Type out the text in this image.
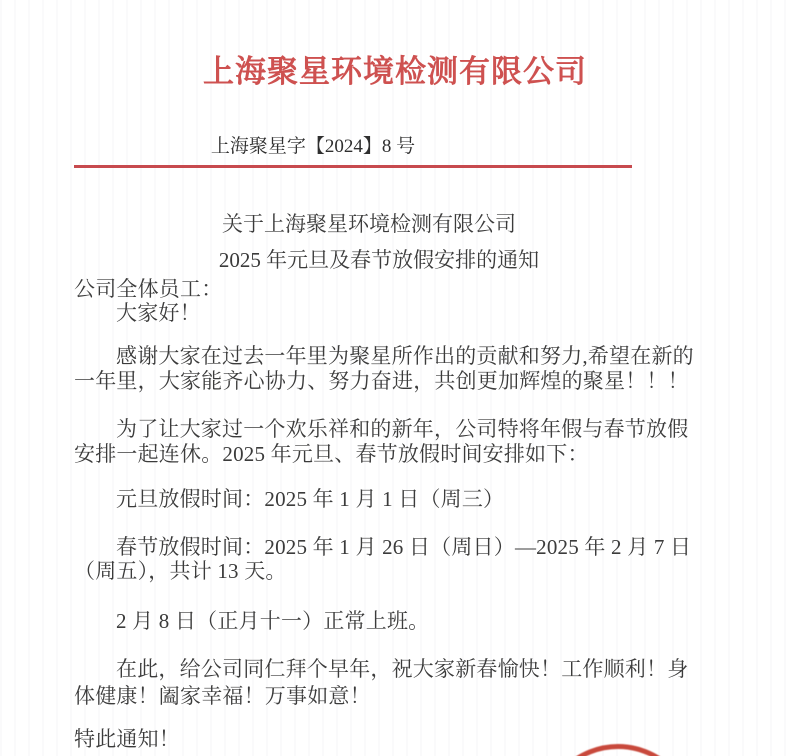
上海聚星环境检测有限公司
上海聚星字【2024】8 号
关于上海聚星环境检测有限公司
2025 年元旦及春节放假安排的通知
公司全体员工：
大家好！
感谢大家在过去一年里为聚星所作出的贡献和努力,希望在新的
一年里，大家能齐心协力、努力奋进，共创更加辉煌的聚星！！！
为了让大家过一个欢乐祥和的新年，公司特将年假与春节放假
安排一起连休。2025 年元旦、春节放假时间安排如下：
元旦放假时间：2025 年 1 月 1 日（周三）
春节放假时间：2025 年 1 月 26 日（周日）—2025 年 2 月 7 日
（周五），共计 13 天。
2 月 8 日（正月十一）正常上班。
在此，给公司同仁拜个早年，祝大家新春愉快！工作顺利！身
体健康！阖家幸福！万事如意！
特此通知！
